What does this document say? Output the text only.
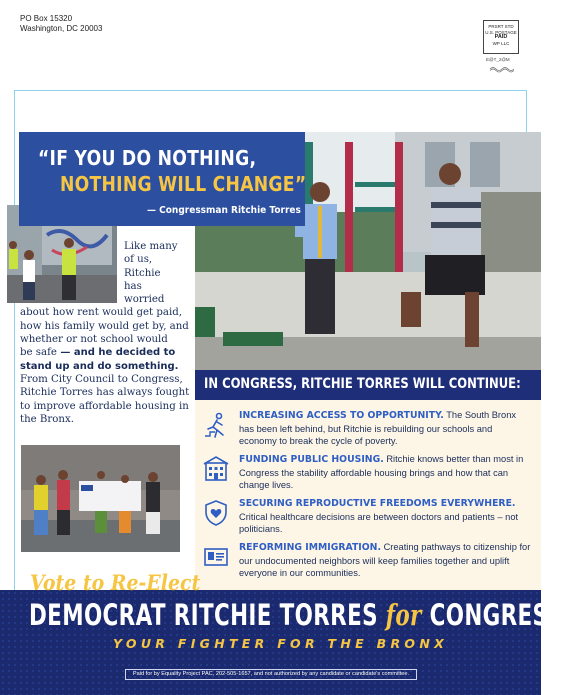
PO Box 15320
Washington, DC 20003	PRSRT STD
U.S. POSTAGE
PAID
WP LLC
E@T_2@M
“IF YOU DO NOTHING,
NOTHING WILL CHANGE”
— Congressman Ritchie Torres

Like many

of us,

Ritchie

has

worried

about how rent would get paid,

how his family would get by, and

whether or not school would

be safe — and he decided to

stand up and do something.

From City Council to Congress,

Ritchie Torres has always fought

to improve affordable housing in

the Bronx.

IN CONGRESS, RITCHIE TORRES WILL CONTINUE:
INCREASING ACCESS TO OPPORTUNITY. The South Bronx has been left behind, but Ritchie is rebuilding our schools and economy to break the cycle of poverty.
FUNDING PUBLIC HOUSING. Ritchie knows better than most in Congress the stability affordable housing brings and how that can change lives.
SECURING REPRODUCTIVE FREEDOMS EVERYWHERE. Critical healthcare decisions are between doctors and patients – not politicians.
REFORMING IMMIGRATION. Creating pathways to citizenship for our undocumented neighbors will keep families together and uplift everyone in our communities.
Vote to Re-Elect
DEMOCRAT RITCHIE TORRES for CONGRESS
YOUR FIGHTER FOR THE BRONX
Paid for by Equality Project PAC, 202-505-1657, and not authorized by any candidate or candidate's committee.
